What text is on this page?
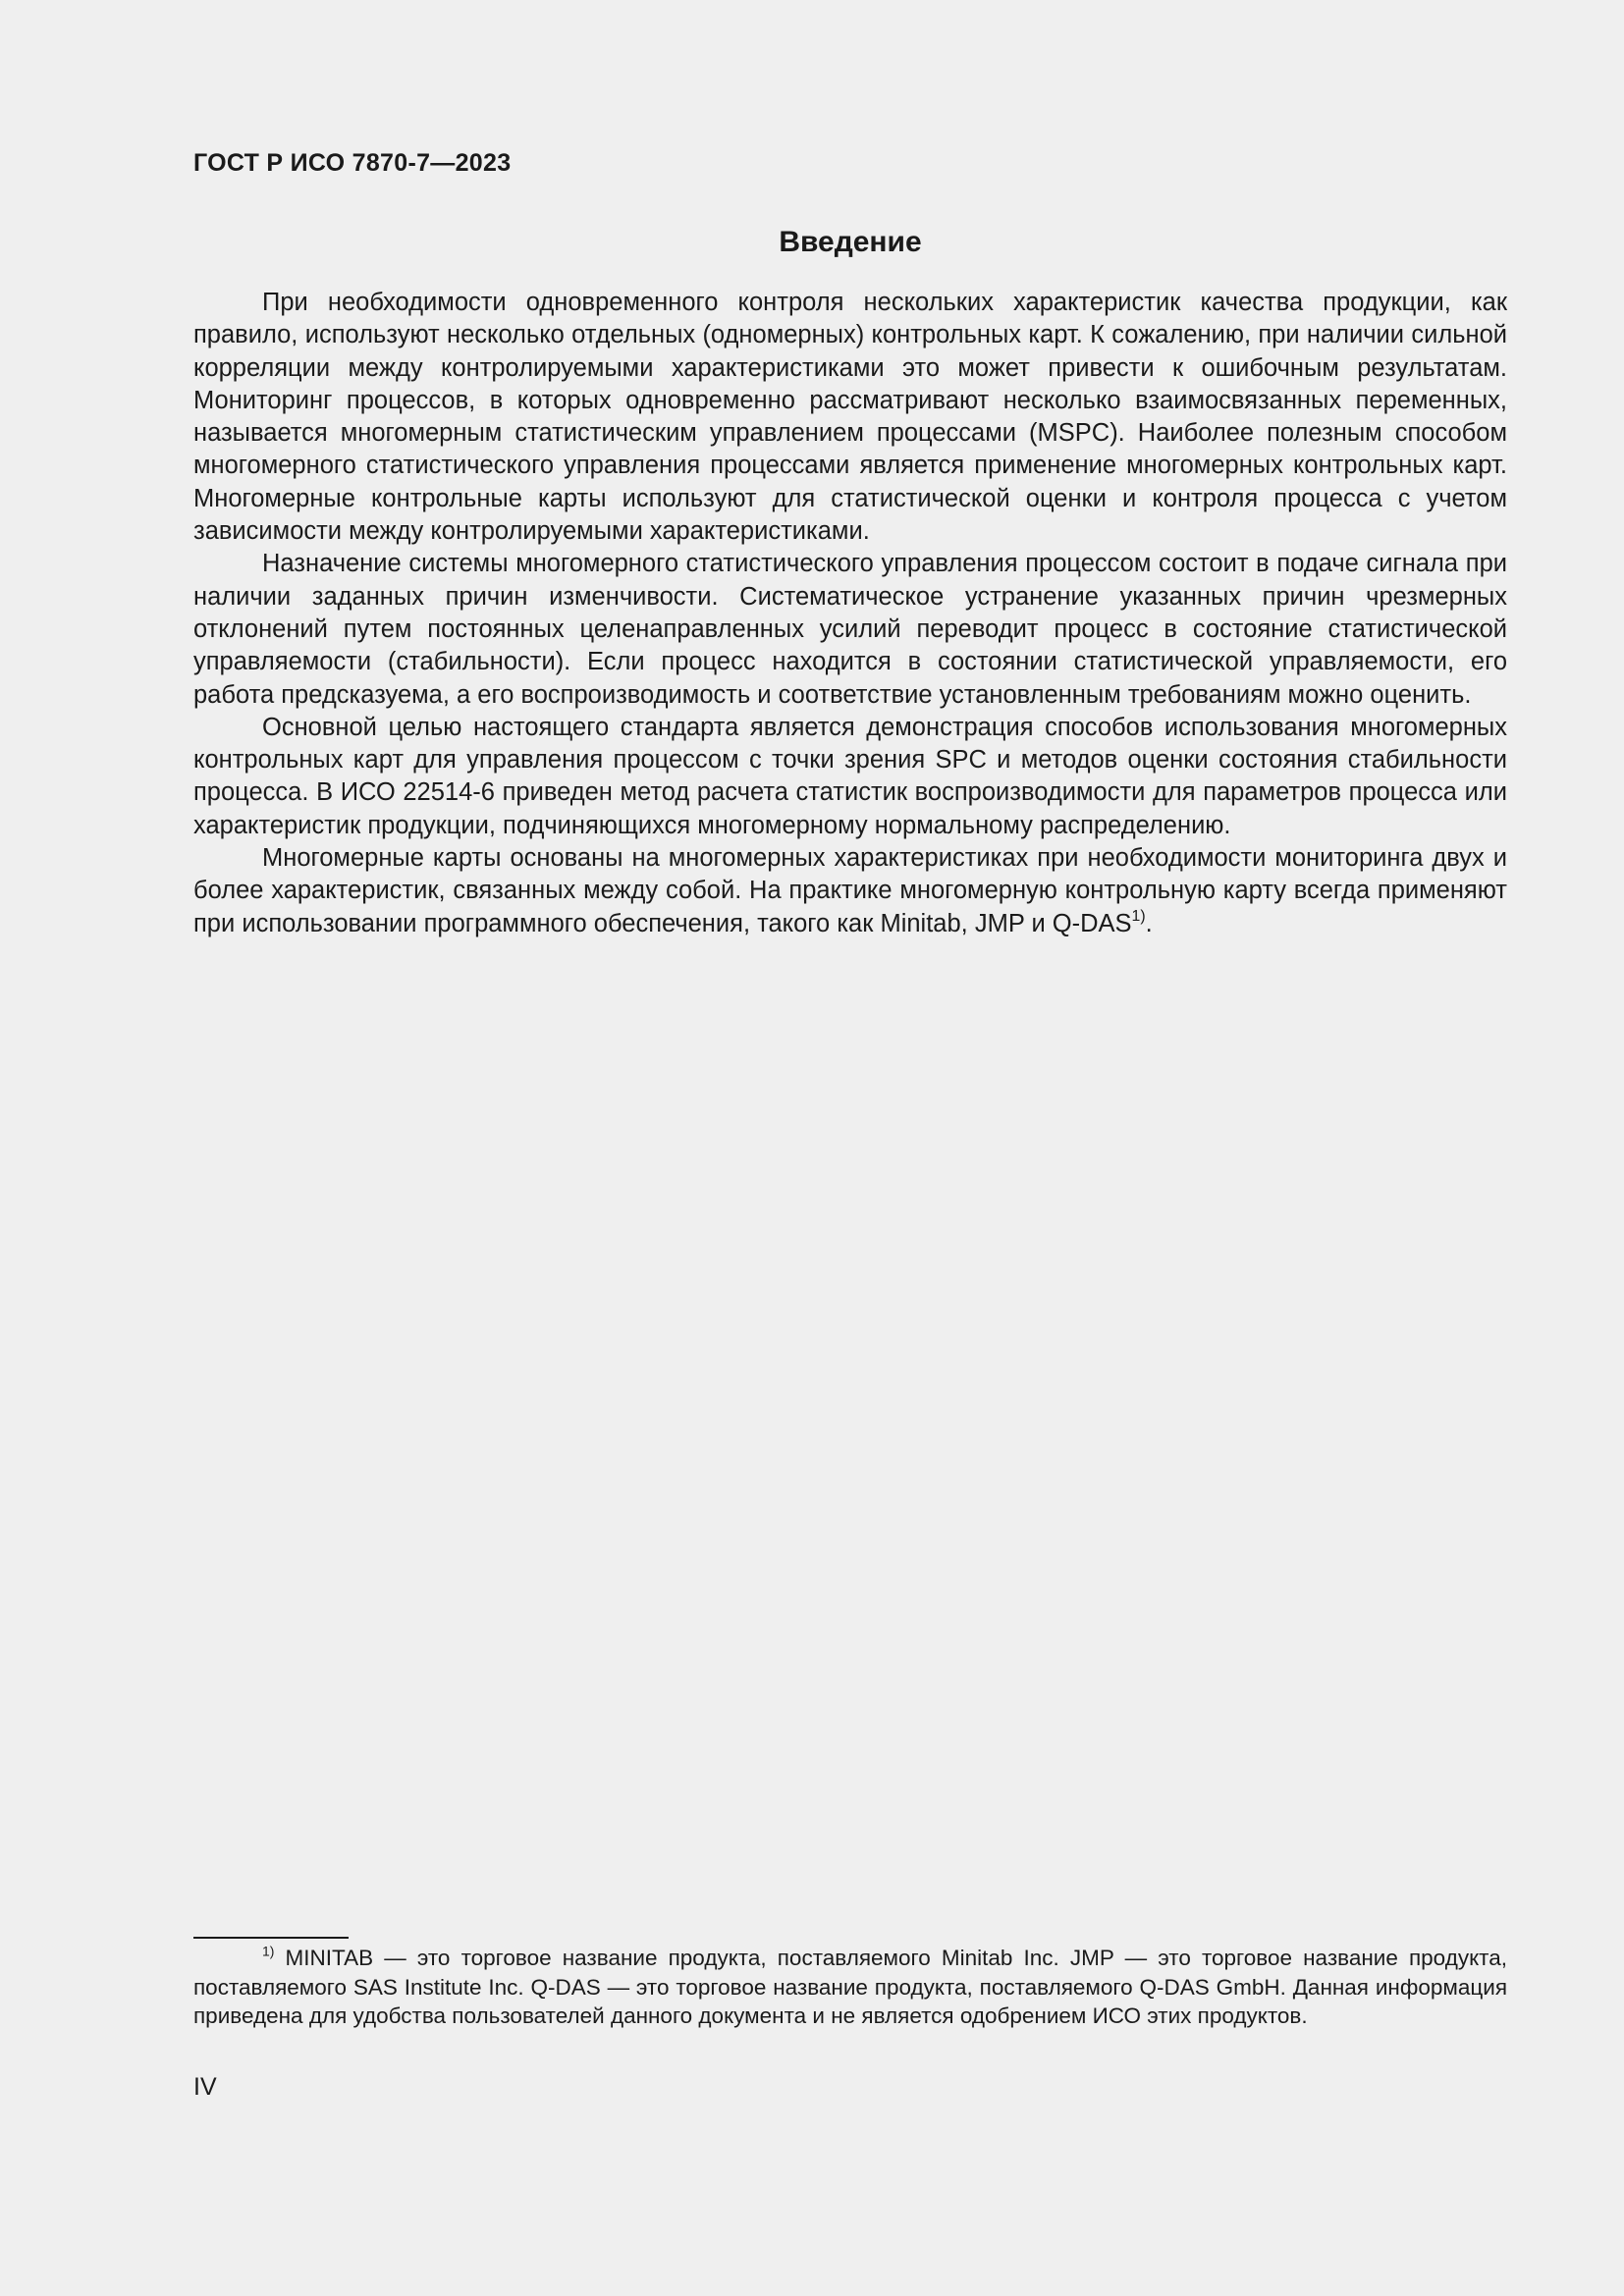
ГОСТ Р ИСО 7870-7—2023
Введение

При необходимости одновременного контроля нескольких характеристик качества продукции, как правило, используют несколько отдельных (одномерных) контрольных карт. К сожалению, при наличии сильной корреляции между контролируемыми характеристиками это может привести к ошибочным результатам. Мониторинг процессов, в которых одновременно рассматривают несколько взаимосвязанных переменных, называется многомерным статистическим управлением процессами (MSPC). Наиболее полезным способом многомерного статистического управления процессами является применение многомерных контрольных карт. Многомерные контрольные карты используют для статистической оценки и контроля процесса с учетом зависимости между контролируемыми характеристиками.

Назначение системы многомерного статистического управления процессом состоит в подаче сигнала при наличии заданных причин изменчивости. Систематическое устранение указанных причин чрезмерных отклонений путем постоянных целенаправленных усилий переводит процесс в состояние статистической управляемости (стабильности). Если процесс находится в состоянии статистической управляемости, его работа предсказуема, а его воспроизводимость и соответствие установленным требованиям можно оценить.

Основной целью настоящего стандарта является демонстрация способов использования многомерных контрольных карт для управления процессом с точки зрения SPC и методов оценки состояния стабильности процесса. В ИСО 22514-6 приведен метод расчета статистик воспроизводимости для параметров процесса или характеристик продукции, подчиняющихся многомерному нормальному распределению.

Многомерные карты основаны на многомерных характеристиках при необходимости мониторинга двух и более характеристик, связанных между собой. На практике многомерную контрольную карту всегда применяют при использовании программного обеспечения, такого как Minitab, JMP и Q-DAS$^{1)}$.

$^{1)}$ MINITAB — это торговое название продукта, поставляемого Minitab Inc. JMP — это торговое название продукта, поставляемого SAS Institute Inc. Q-DAS — это торговое название продукта, поставляемого Q-DAS GmbH. Данная информация приведена для удобства пользователей данного документа и не является одобрением ИСО этих продуктов.

IV
